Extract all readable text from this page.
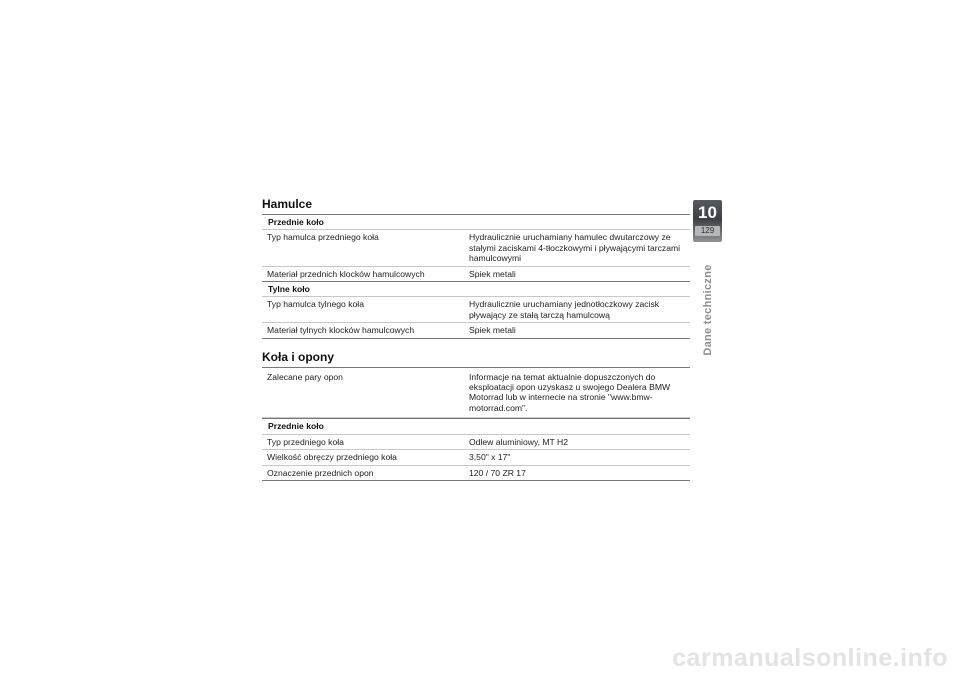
Hamulce
Przednie koło
Typ hamulca przedniego koła	Hydraulicznie uruchamiany hamulec dwutarczowy ze stałymi zaciskami 4-tłoczkowymi i pływającymi tarczami hamulcowymi
Materiał przednich klocków hamulcowych	Spiek metali
Tylne koło
Typ hamulca tylnego koła	Hydraulicznie uruchamiany jednotłoczkowy zacisk pływający ze stałą tarczą hamulcową
Materiał tylnych klocków hamulcowych	Spiek metali
Koła i opony
Zalecane pary opon	Informacje na temat aktualnie dopuszczonych do eksploatacji opon uzyskasz u swojego Dealera BMW Motorrad lub w internecie na stronie "www.bmw-motorrad.com".
Przednie koło
Typ przedniego koła	Odlew aluminiowy, MT H2
Wielkość obręczy przedniego koła	3,50" x 17"
Oznaczenie przednich opon	120 / 70 ZR 17
10
129
Dane techniczne
carmanualsonline.info
